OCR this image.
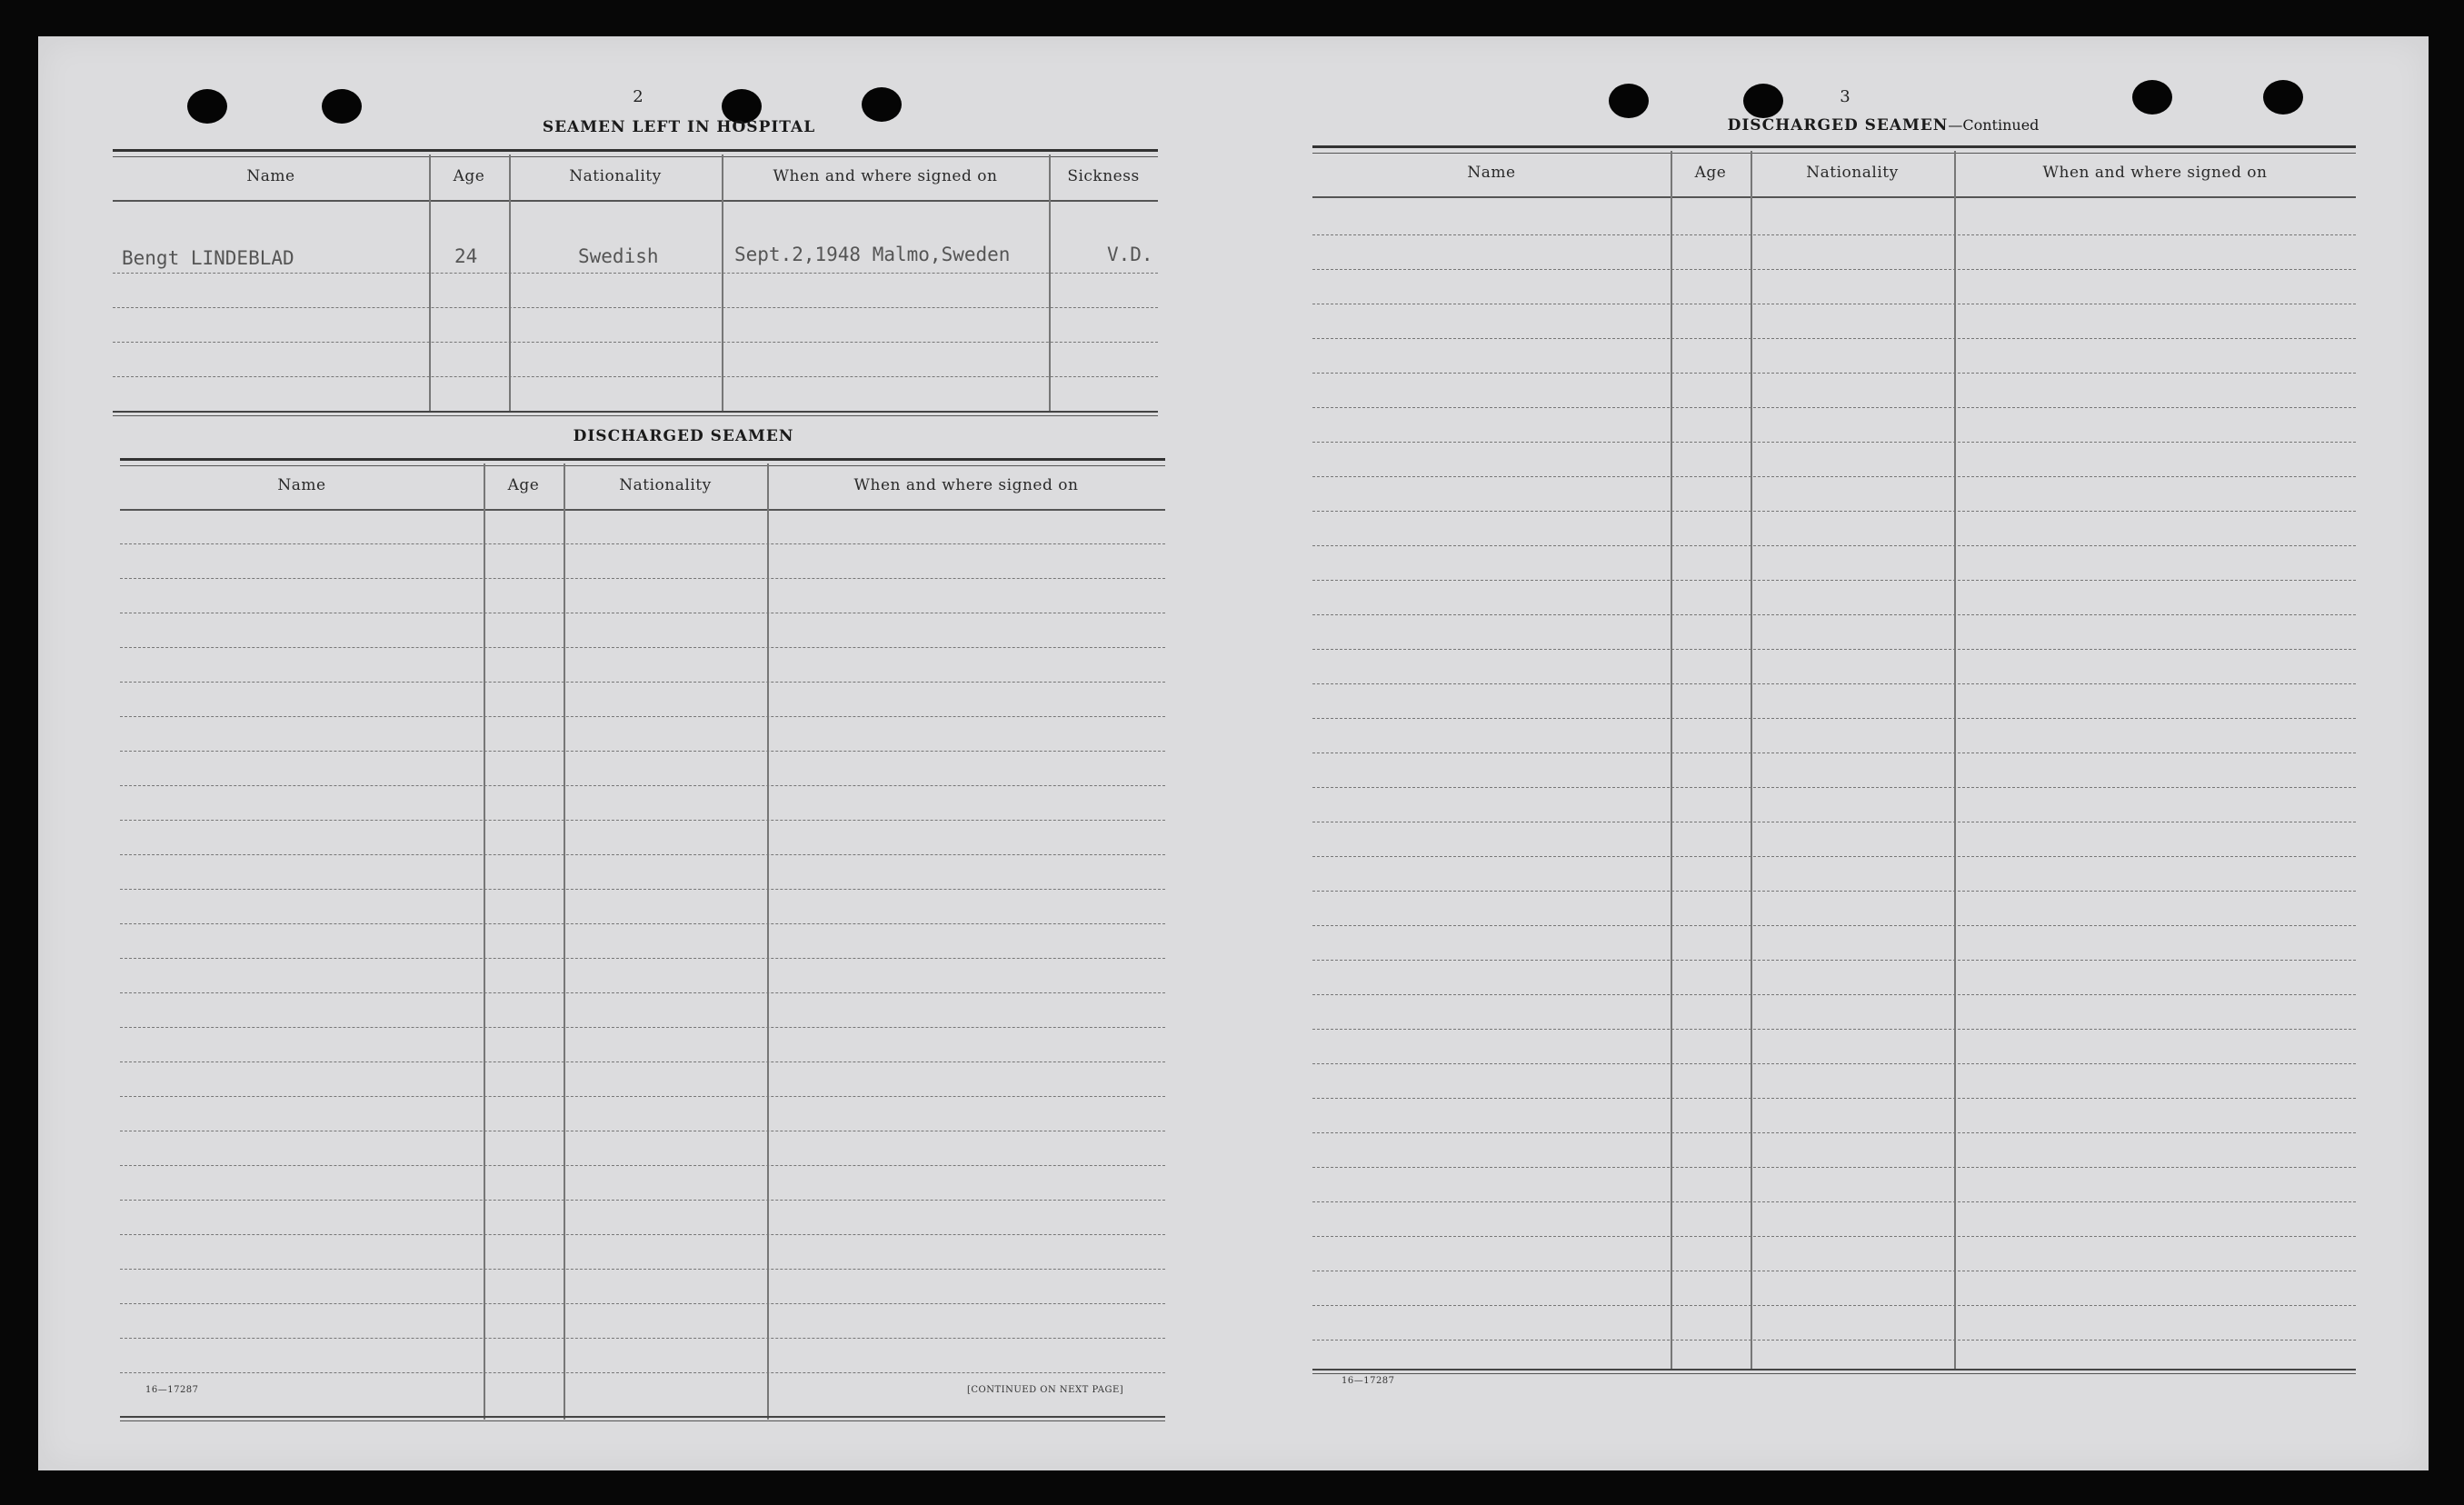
2
SEAMEN LEFT IN HOSPITAL
Name	Age	Nationality	When and where signed on	Sickness
Bengt LINDEBLAD	24	Swedish	Sept.2,1948 Malmo,Sweden	V.D.
DISCHARGED SEAMEN
Name	Age	Nationality	When and where signed on
16—17287	[CONTINUED ON NEXT PAGE]
3
DISCHARGED SEAMEN—Continued
Name	Age	Nationality	When and where signed on
16—17287
